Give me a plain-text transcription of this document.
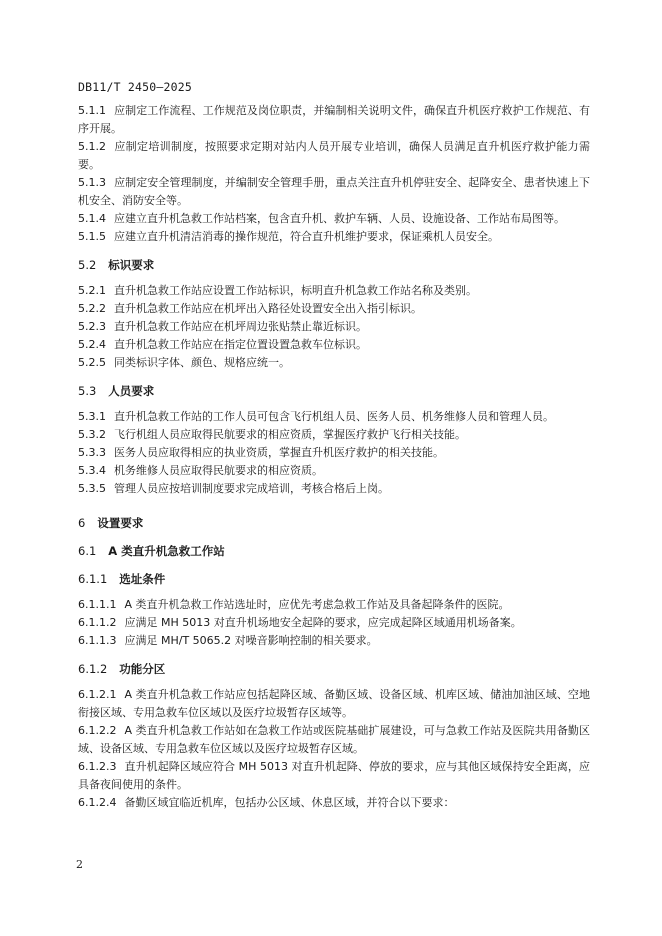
DB11/T 2450—2025
5.1.1 应制定工作流程、工作规范及岗位职责，并编制相关说明文件，确保直升机医疗救护工作规范、有序开展。
5.1.2 应制定培训制度，按照要求定期对站内人员开展专业培训，确保人员满足直升机医疗救护能力需要。
5.1.3 应制定安全管理制度，并编制安全管理手册，重点关注直升机停驻安全、起降安全、患者快速上下机安全、消防安全等。
5.1.4 应建立直升机急救工作站档案，包含直升机、救护车辆、人员、设施设备、工作站布局图等。
5.1.5 应建立直升机清洁消毒的操作规范，符合直升机维护要求，保证乘机人员安全。
5.2 标识要求
5.2.1 直升机急救工作站应设置工作站标识，标明直升机急救工作站名称及类别。
5.2.2 直升机急救工作站应在机坪出入路径处设置安全出入指引标识。
5.2.3 直升机急救工作站应在机坪周边张贴禁止靠近标识。
5.2.4 直升机急救工作站应在指定位置设置急救车位标识。
5.2.5 同类标识字体、颜色、规格应统一。
5.3 人员要求
5.3.1 直升机急救工作站的工作人员可包含飞行机组人员、医务人员、机务维修人员和管理人员。
5.3.2 飞行机组人员应取得民航要求的相应资质，掌握医疗救护飞行相关技能。
5.3.3 医务人员应取得相应的执业资质，掌握直升机医疗救护的相关技能。
5.3.4 机务维修人员应取得民航要求的相应资质。
5.3.5 管理人员应按培训制度要求完成培训，考核合格后上岗。
6 设置要求
6.1 A 类直升机急救工作站
6.1.1 选址条件
6.1.1.1 A 类直升机急救工作站选址时，应优先考虑急救工作站及具备起降条件的医院。
6.1.1.2 应满足 MH 5013 对直升机场地安全起降的要求，应完成起降区域通用机场备案。
6.1.1.3 应满足 MH/T 5065.2 对噪音影响控制的相关要求。
6.1.2 功能分区
6.1.2.1 A 类直升机急救工作站应包括起降区域、备勤区域、设备区域、机库区域、储油加油区域、空地衔接区域、专用急救车位区域以及医疗垃圾暂存区域等。
6.1.2.2 A 类直升机急救工作站如在急救工作站或医院基础扩展建设，可与急救工作站及医院共用备勤区域、设备区域、专用急救车位区域以及医疗垃圾暂存区域。
6.1.2.3 直升机起降区域应符合 MH 5013 对直升机起降、停放的要求，应与其他区域保持安全距离，应具备夜间使用的条件。
6.1.2.4 备勤区域宜临近机库，包括办公区域、休息区域，并符合以下要求：
2
